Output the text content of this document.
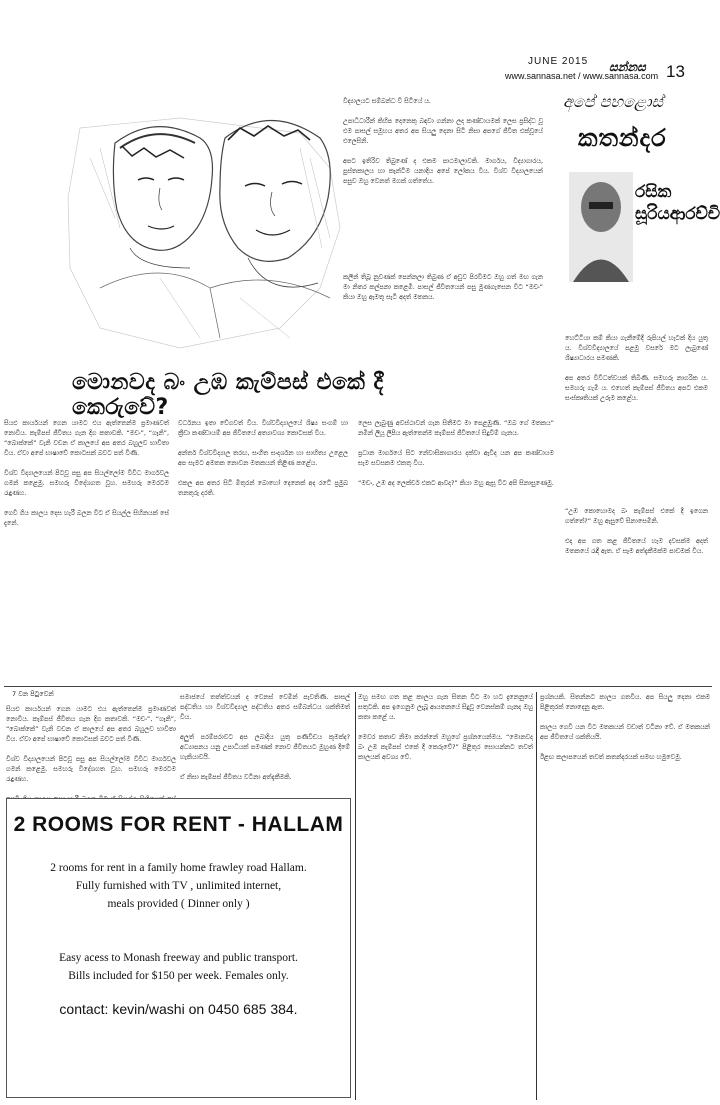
JUNE 2015
www.sannasa.net / www.sannasa.com
සන්නස 13
අපේ පහළොස්
කතන්දර
රසික
සූරියආරච්චි
මොනවද බං උඹ කැම්පස් එකේ දී කෙරුවේ?
විද්‍යාලයට සම්බන්ධ වී සිටියේ ය.

උපාධිධාරීන් කිහිප දෙනෙකු බඳවා ගන්නා ලද කණ්ඩායමක් ලෙස ප්‍රසිද්ධ වූ එම පාසල් සමූහය අතර අප සියලු දෙනා සිටි නිසා අපගේ ජීවිත එක්වූයේ එලෙසිනි.

අපට ඉතිරිව තිබුණේ ද එකම පාඨමාලාවකි. මාර්ගය, විද්‍යාගාරය, පුස්තකාලය හා කෑන්ටිම යනාදිය අපේ ලෝකය විය. විශ්ව විද්‍යාලයෙන් පසුව ඔහු වෙනත් මගක් ගත්තේය.
කලින් තිබූ නුවණක් පෙන්නලා තිබුණ ඒ අඩුව පිරවීමට ඔහු ගත් මඟ ගැන මා නිතර කල්පනා කළෙමි. පාසල් ජීවිතයෙන් පසු මුණගැසෙන විට “මචං” කියා ඔහු ඇමතූ සැටි අදත් මතකය.
හෙට්ටියා කම් කියා ගැනීමේදී රුපියල් හැටක් දිය යුතු ය. විශ්වවිද්‍යාලයේ පළමු වසරේ මට ලැබුණේ ශිෂ්‍යාධාරය පමණකි.

අප අතර විවිධත්වයක් තිබිණි. සමහරු නාගරික ය. සමහරු ගැමි ය. එහෙත් කැම්පස් ජීවිතය අපට එකම සංස්කෘතියක් උරුම කළේය.
“උඹ කොහොමද බං කැම්පස් එකේ දී ඉගෙන ගත්තේ?” ඔහු ඇසුවේ සිනාසෙමිනි.

එදා අප ගත කළ ජීවිතයේ හැම දවසක්ම අදත් මතකයේ රැඳී ඇත. ඒ සෑම අත්දැකීමක්ම පාඩමක් විය.
සියළු කාර්යයන් ගෙන යාමට එය ඇත්තෙන්ම ප්‍රමාණවත් නොවීය. කැම්පස් ජීවිතය ගැන දිග කතාවකි. “මචං”, “ගෑනි”, “බොක්කේ” වැනි වචන ඒ කාලයේ අප අතර බහුලව භාවිතා විය. ඒවා අපේ භාෂාවේ කොටසක් බවට පත් විණි.

විශ්ව විද්‍යාලයෙන් පිටවූ පසු අප සියල්ලෝම විවිධ මාර්ගවල ගමන් කළෙමු. සමහරු විදේශගත වූහ. සමහරු මෙරටම රැඳුණහ.

ගෙවී ගිය කාලය දෙස හැරී බලන විට ඒ සියල්ල සිහිනයක් සේ දැනේ.
වර්ධනය ඉතා වේගවත් විය. විශ්වවිද්‍යාලයේ ශිෂ්‍ය සංගම් හා ක්‍රීඩා කණ්ඩායම් අප ජීවිතයේ අත්‍යාවශ්‍ය කොටසක් විය.

අන්තර් විශ්වවිද්‍යාල තරඟ, සංගීත සංදර්ශන හා සාහිත්‍ය උළෙල අප සැමට අමතක නොවන මතකයන් තිළිණ කළේය.

එකල අප අතර සිටි මිතුරන් බොහෝ දෙනෙක් අද රටේ ප්‍රමුඛ තනතුරු දරති.
ලෙස ලැබුණු අවස්ථාවන් ගැන සිතීමට මා පෙළඹුණි. “ඔබ ගේ මතකය” නමින් ලියූ ලිපිය ඇත්තෙන්ම කැම්පස් ජීවිතයේ සිදුවීම් ගැනය.

ප්‍රධාන මාර්ගයේ සිට නේවාසිකාගාරය දක්වා ඇවිද යන අප කණ්ඩායම සැම සවසකම එකතු විය.

“මචං, උඹ අද ලෙක්චර් එකට ආවද?” කියා ඔහු ඇසූ විට අපි සිනාසුණෙමු.
7 වන පිටුවෙන්
සියළු කාර්යයන් ගෙන යාමට එය ඇත්තෙන්ම ප්‍රමාණවත් නොවීය. කැම්පස් ජීවිතය ගැන දිග කතාවකි. “මචං”, “ගෑනි”, “බොක්කේ” වැනි වචන ඒ කාලයේ අප අතර බහුලව භාවිතා විය. ඒවා අපේ භාෂාවේ කොටසක් බවට පත් විණි.

විශ්ව විද්‍යාලයෙන් පිටවූ පසු අප සියල්ලෝම විවිධ මාර්ගවල ගමන් කළෙමු. සමහරු විදේශගත වූහ. සමහරු මෙරටම රැඳුණහ.

සමාජයේ තත්ත්වයන් ද වෙනස් වෙමින් පැවතිණි. පාසල් පද්ධතිය හා විශ්වවිද්‍යාල පද්ධතිය අතර සම්බන්ධය ශක්තිමත් විය.

අලුත් පරම්පරාවට අප ලබාදිය යුතු පණිවිඩය කුමක්ද? අධ්‍යාපනය යනු උපාධියක් පමණක් නොව ජීවිතයට මුහුණ දීමේ හැකියාවයි.

ඒ නිසා කැම්පස් ජීවිතය වටිනා අත්දැකීමකි.
ඔහු සමඟ ගත කළ කාලය ගැන සිතන විට මා හට දැනෙනුයේ සතුටකි. අප ඉගෙනුම ලැබූ ආයතනයේ සිදුවූ වෙනස්කම් ගැනද ඔහු කතා කළේ ය.

මෙවර කතාව නිමා කරන්නේ ඔහුගේ ප්‍රශ්නයෙන්මය. “මොනවද බං උඹ කැම්පස් එකේ දී කෙරුවේ?” පිළිතුර සොයන්නට තවත් කාලයක් අවශ්‍ය වේ.
ප්‍රශ්නයකි. සිතන්නට කාලය ගතවිය. අප සියලු දෙනා එකම පිළිතුරක් නොදෙනු ඇත.

කාලය ගෙවී යන විට මතකයන් වඩාත් වටිනා වේ. ඒ මතකයන් අප ජීවිතයේ ශක්තියයි.

ඊළඟ කලාපයෙන් තවත් කතන්දරයක් සමඟ හමුවෙමු.
2 ROOMS FOR RENT - HALLAM
2 rooms for rent in a family home frawley road Hallam.
Fully furnished with TV , unlimited internet,
meals provided ( Dinner only )
Easy acess to Monash freeway and public transport.
Bills included for $150 per week. Females only.
contact: kevin/washi on 0450 685 384.
